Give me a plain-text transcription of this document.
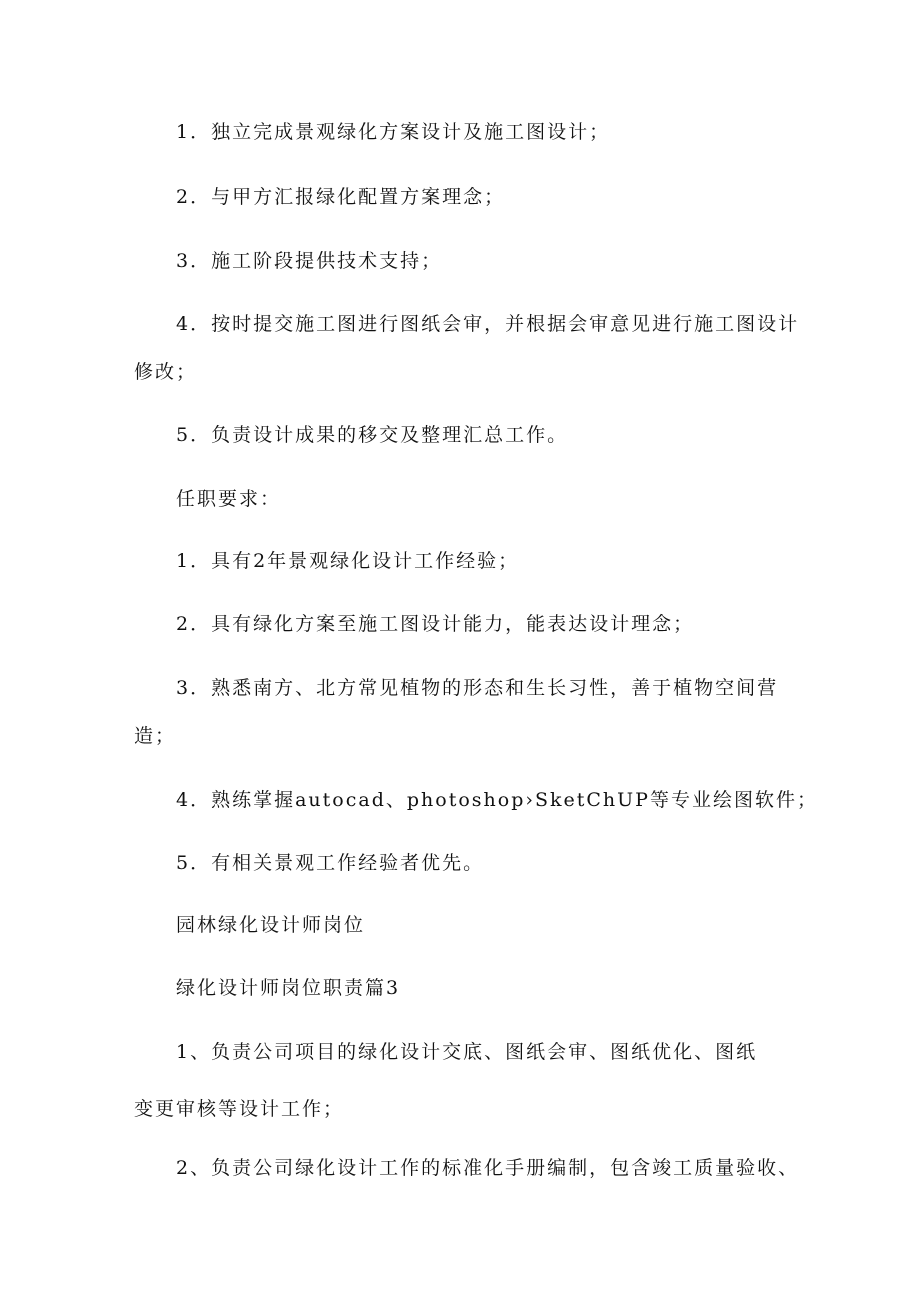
1．独立完成景观绿化方案设计及施工图设计；
2．与甲方汇报绿化配置方案理念；
3．施工阶段提供技术支持；
4．按时提交施工图进行图纸会审，并根据会审意见进行施工图设计
修改；
5．负责设计成果的移交及整理汇总工作。
任职要求：
1．具有2年景观绿化设计工作经验；
2．具有绿化方案至施工图设计能力，能表达设计理念；
3．熟悉南方、北方常见植物的形态和生长习性，善于植物空间营
造；
4．熟练掌握autocad、photoshop›SketChUP等专业绘图软件；
5．有相关景观工作经验者优先。
园林绿化设计师岗位
绿化设计师岗位职责篇3
1、负责公司项目的绿化设计交底、图纸会审、图纸优化、图纸
变更审核等设计工作；
2、负责公司绿化设计工作的标准化手册编制，包含竣工质量验收、
